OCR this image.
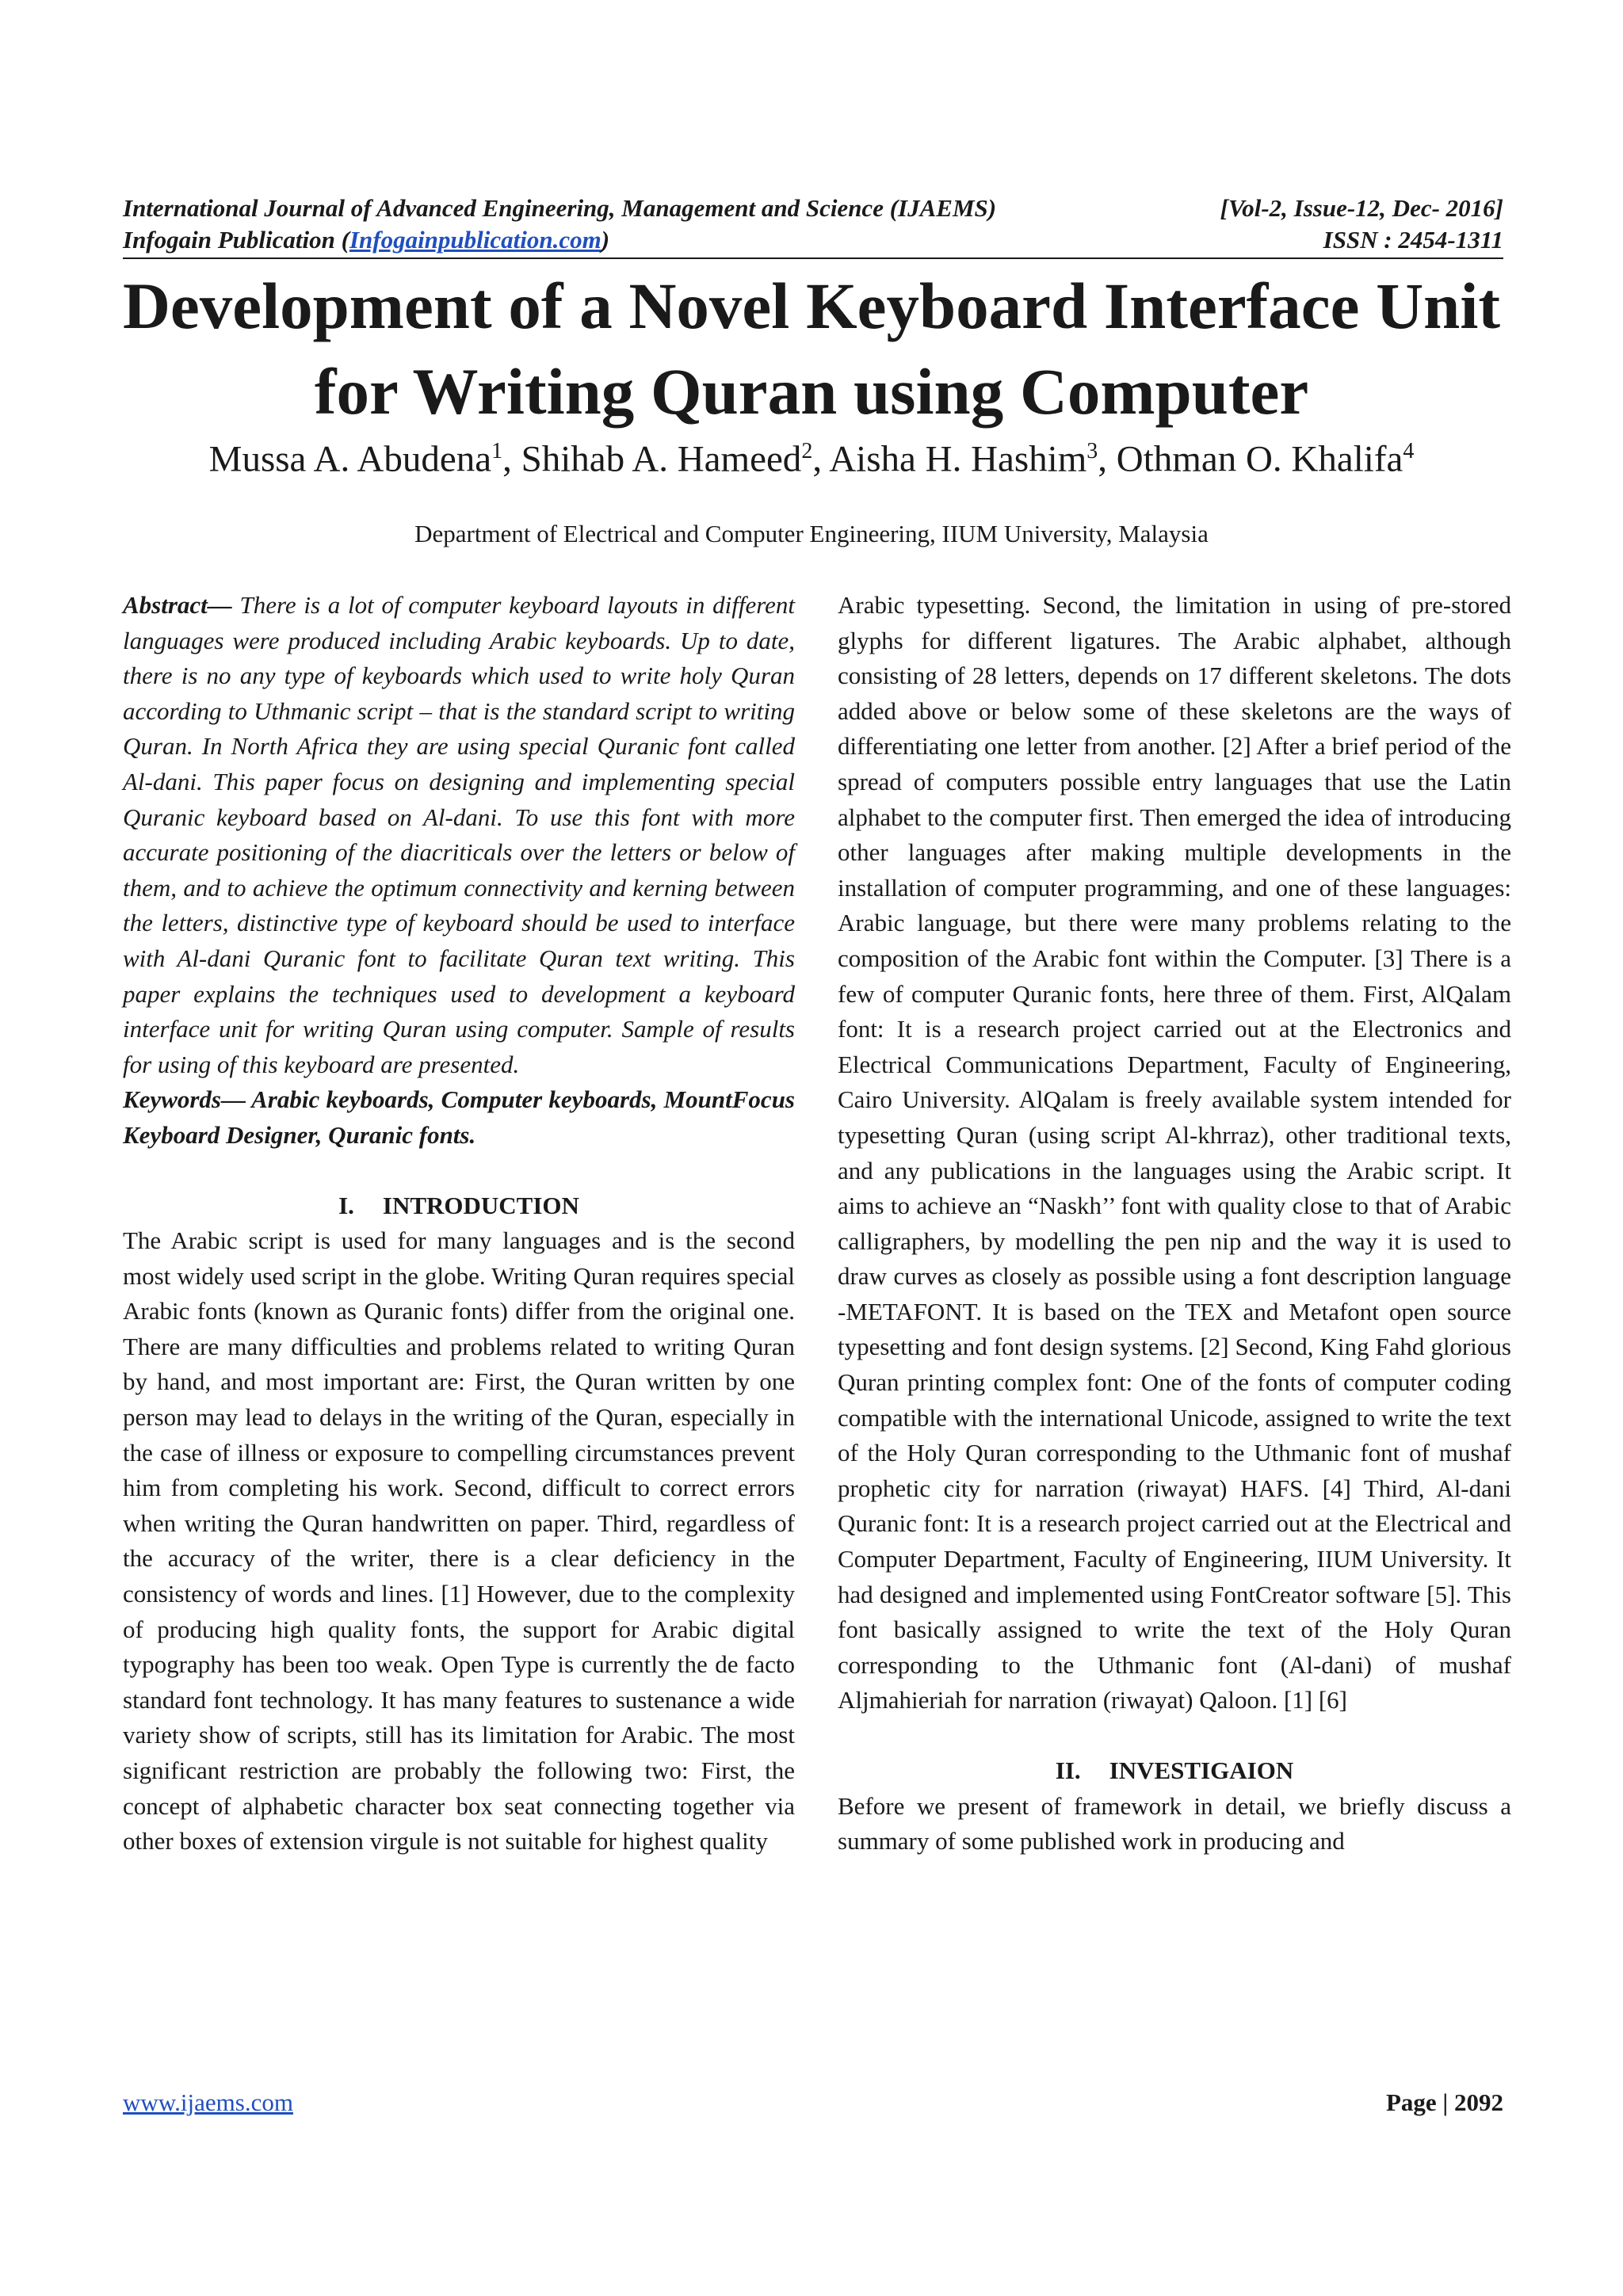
International Journal of Advanced Engineering, Management and Science (IJAEMS)	[Vol-2, Issue-12, Dec- 2016]
Infogain Publication (Infogainpublication.com)	ISSN : 2454-1311
Development of a Novel Keyboard Interface Unit
for Writing Quran using Computer
Mussa A. Abudena$^1$, Shihab A. Hameed$^2$, Aisha H. Hashim$^3$, Othman O. Khalifa$^4$
Department of Electrical and Computer Engineering, IIUM University, Malaysia

Abstract— There is a lot of computer keyboard layouts in different languages were produced including Arabic keyboards. Up to date, there is no any type of keyboards which used to write holy Quran according to Uthmanic script – that is the standard script to writing Quran. In North Africa they are using special Quranic font called Al-dani. This paper focus on designing and implementing special Quranic keyboard based on Al-dani. To use this font with more accurate positioning of the diacriticals over the letters or below of them, and to achieve the optimum connectivity and kerning between the letters, distinctive type of keyboard should be used to interface with Al-dani Quranic font to facilitate Quran text writing. This paper explains the techniques used to development a keyboard interface unit for writing Quran using computer. Sample of results for using of this keyboard are presented.

Keywords— Arabic keyboards, Computer keyboards, MountFocus Keyboard Designer, Quranic fonts.

I. INTRODUCTION

The Arabic script is used for many languages and is the second most widely used script in the globe. Writing Quran requires special Arabic fonts (known as Quranic fonts) differ from the original one. There are many difficulties and problems related to writing Quran by hand, and most important are: First, the Quran written by one person may lead to delays in the writing of the Quran, especially in the case of illness or exposure to compelling circumstances prevent him from completing his work. Second, difficult to correct errors when writing the Quran handwritten on paper. Third, regardless of the accuracy of the writer, there is a clear deficiency in the consistency of words and lines. [1] However, due to the complexity of producing high quality fonts, the support for Arabic digital typography has been too weak. Open Type is currently the de facto standard font technology. It has many features to sustenance a wide variety show of scripts, still has its limitation for Arabic. The most significant restriction are probably the following two: First, the concept of alphabetic character box seat connecting together via other boxes of extension virgule is not suitable for highest quality

Arabic typesetting. Second, the limitation in using of pre-stored glyphs for different ligatures. The Arabic alphabet, although consisting of 28 letters, depends on 17 different skeletons. The dots added above or below some of these skeletons are the ways of differentiating one letter from another. [2] After a brief period of the spread of computers possible entry languages that use the Latin alphabet to the computer first. Then emerged the idea of introducing other languages after making multiple developments in the installation of computer programming, and one of these languages: Arabic language, but there were many problems relating to the composition of the Arabic font within the Computer. [3] There is a few of computer Quranic fonts, here three of them. First, AlQalam font: It is a research project carried out at the Electronics and Electrical Communications Department, Faculty of Engineering, Cairo University. AlQalam is freely available system intended for typesetting Quran (using script Al-khrraz), other traditional texts, and any publications in the languages using the Arabic script. It aims to achieve an “Naskh’’ font with quality close to that of Arabic calligraphers, by modelling the pen nip and the way it is used to draw curves as closely as possible using a font description language -METAFONT. It is based on the TEX and Metafont open source typesetting and font design systems. [2] Second, King Fahd glorious Quran printing complex font: One of the fonts of computer coding compatible with the international Unicode, assigned to write the text of the Holy Quran corresponding to the Uthmanic font of mushaf prophetic city for narration (riwayat) HAFS. [4] Third, Al-dani Quranic font: It is a research project carried out at the Electrical and Computer Department, Faculty of Engineering, IIUM University. It had designed and implemented using FontCreator software [5]. This font basically assigned to write the text of the Holy Quran corresponding to the Uthmanic font (Al-dani) of mushaf Aljmahieriah for narration (riwayat) Qaloon. [1] [6]

II. INVESTIGAION

Before we present of framework in detail, we briefly discuss a summary of some published work in producing and

www.ijaems.com	Page | 2092
